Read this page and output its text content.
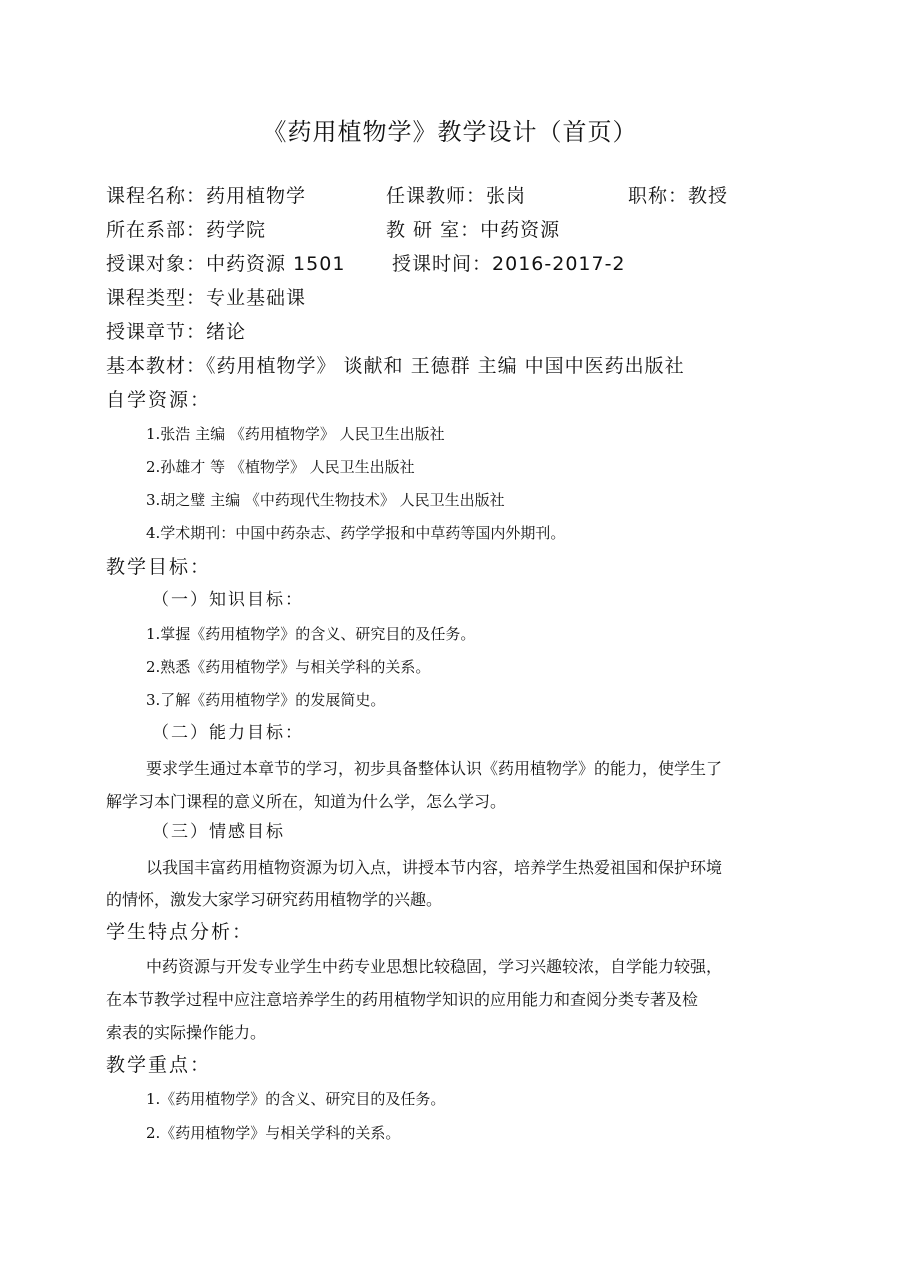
《药用植物学》教学设计（首页）
课程名称：药用植物学	任课教师：张岗	职称：教授
所在系部：药学院	教 研 室：中药资源
授课对象：中药资源 1501 授课时间：2016-2017-2
课程类型：专业基础课
授课章节：绪论
基本教材：《药用植物学》 谈献和 王德群 主编 中国中医药出版社
自学资源：
1.张浩 主编 《药用植物学》 人民卫生出版社
2.孙雄才 等 《植物学》 人民卫生出版社
3.胡之璧 主编 《中药现代生物技术》 人民卫生出版社
4.学术期刊：中国中药杂志、药学学报和中草药等国内外期刊。
教学目标：
（一）知识目标：
1.掌握《药用植物学》的含义、研究目的及任务。
2.熟悉《药用植物学》与相关学科的关系。
3.了解《药用植物学》的发展简史。
（二）能力目标：
要求学生通过本章节的学习，初步具备整体认识《药用植物学》的能力，使学生了
解学习本门课程的意义所在，知道为什么学，怎么学习。
（三）情感目标
以我国丰富药用植物资源为切入点，讲授本节内容，培养学生热爱祖国和保护环境
的情怀，激发大家学习研究药用植物学的兴趣。
学生特点分析：
中药资源与开发专业学生中药专业思想比较稳固，学习兴趣较浓，自学能力较强，
在本节教学过程中应注意培养学生的药用植物学知识的应用能力和查阅分类专著及检
索表的实际操作能力。
教学重点：
1.《药用植物学》的含义、研究目的及任务。
2.《药用植物学》与相关学科的关系。
